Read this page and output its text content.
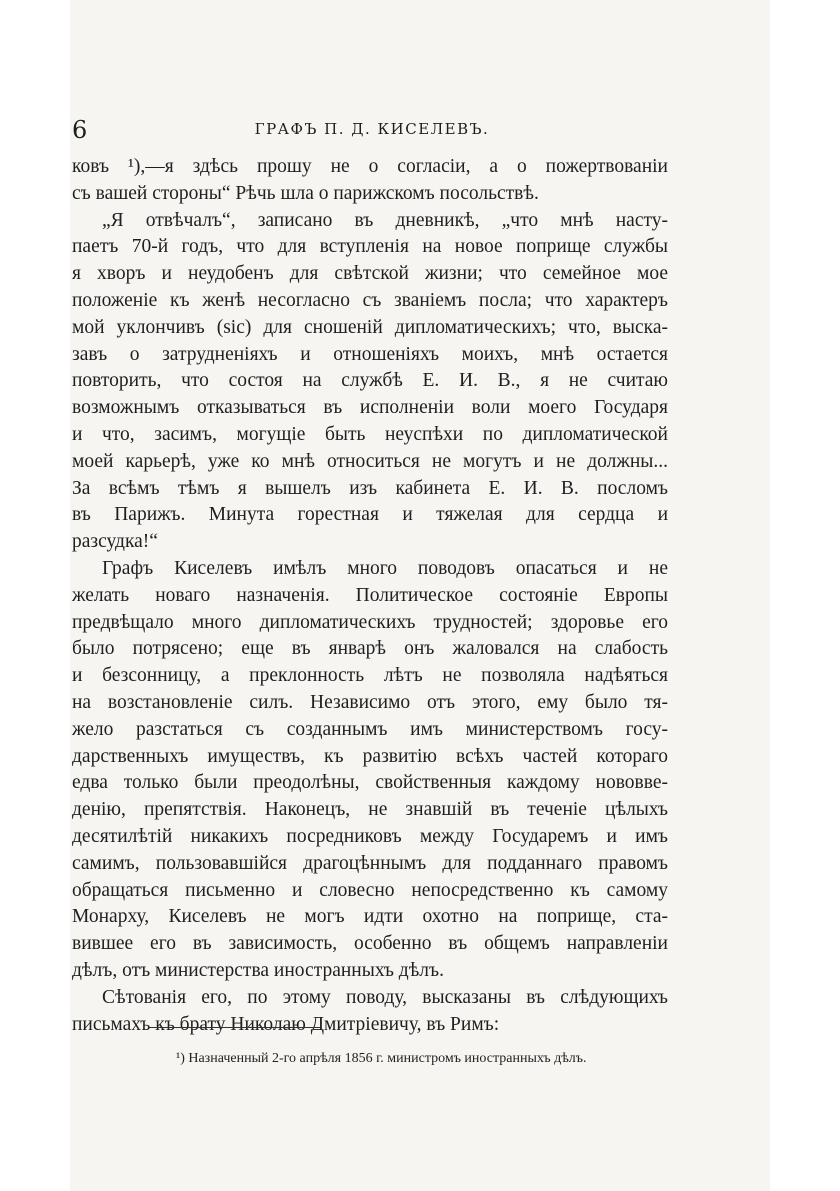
6	ГРАФЪ П. Д. КИСЕЛЕВЪ.

ковъ ¹),—я здѣсь прошу не о согласіи, а о пожертвованіи
съ вашей стороны“ Рѣчь шла о парижскомъ посольствѣ.

„Я отвѣчалъ“, записано въ дневникѣ, „что мнѣ насту-
паетъ 70-й годъ, что для вступленія на новое поприще службы
я хворъ и неудобенъ для свѣтской жизни; что семейное мое
положеніе къ женѣ несогласно съ званіемъ посла; что характеръ
мой уклончивъ (sic) для сношеній дипломатическихъ; что, выска-
завъ о затрудненіяхъ и отношеніяхъ моихъ, мнѣ остается
повторить, что состоя на службѣ Е. И. В., я не считаю
возможнымъ отказываться въ исполненіи воли моего Государя
и что, засимъ, могущіе быть неуспѣхи по дипломатической
моей карьерѣ, уже ко мнѣ относиться не могутъ и не должны...
За всѣмъ тѣмъ я вышелъ изъ кабинета Е. И. В. посломъ
въ Парижъ. Минута горестная и тяжелая для сердца и
разсудка!“

Графъ Киселевъ имѣлъ много поводовъ опасаться и не
желать новаго назначенія. Политическое состояніе Европы
предвѣщало много дипломатическихъ трудностей; здоровье его
было потрясено; еще въ январѣ онъ жаловался на слабость
и безсонницу, а преклонность лѣтъ не позволяла надѣяться
на возстановленіе силъ. Независимо отъ этого, ему было тя-
жело разстаться съ созданнымъ имъ министерствомъ госу-
дарственныхъ имуществъ, къ развитію всѣхъ частей котораго
едва только были преодолѣны, свойственныя каждому нововве-
денію, препятствія. Наконецъ, не знавшій въ теченіе цѣлыхъ
десятилѣтій никакихъ посредниковъ между Государемъ и имъ
самимъ, пользовавшійся драгоцѣннымъ для подданнаго правомъ
обращаться письменно и словесно непосредственно къ самому
Монарху, Киселевъ не могъ идти охотно на поприще, ста-
вившее его въ зависимость, особенно въ общемъ направленіи
дѣлъ, отъ министерства иностранныхъ дѣлъ.

Сѣтованія его, по этому поводу, высказаны въ слѣдующихъ
письмахъ къ брату Николаю Дмитріевичу, въ Римъ:

¹) Назначенный 2-го апрѣля 1856 г. министромъ иностранныхъ дѣлъ.
